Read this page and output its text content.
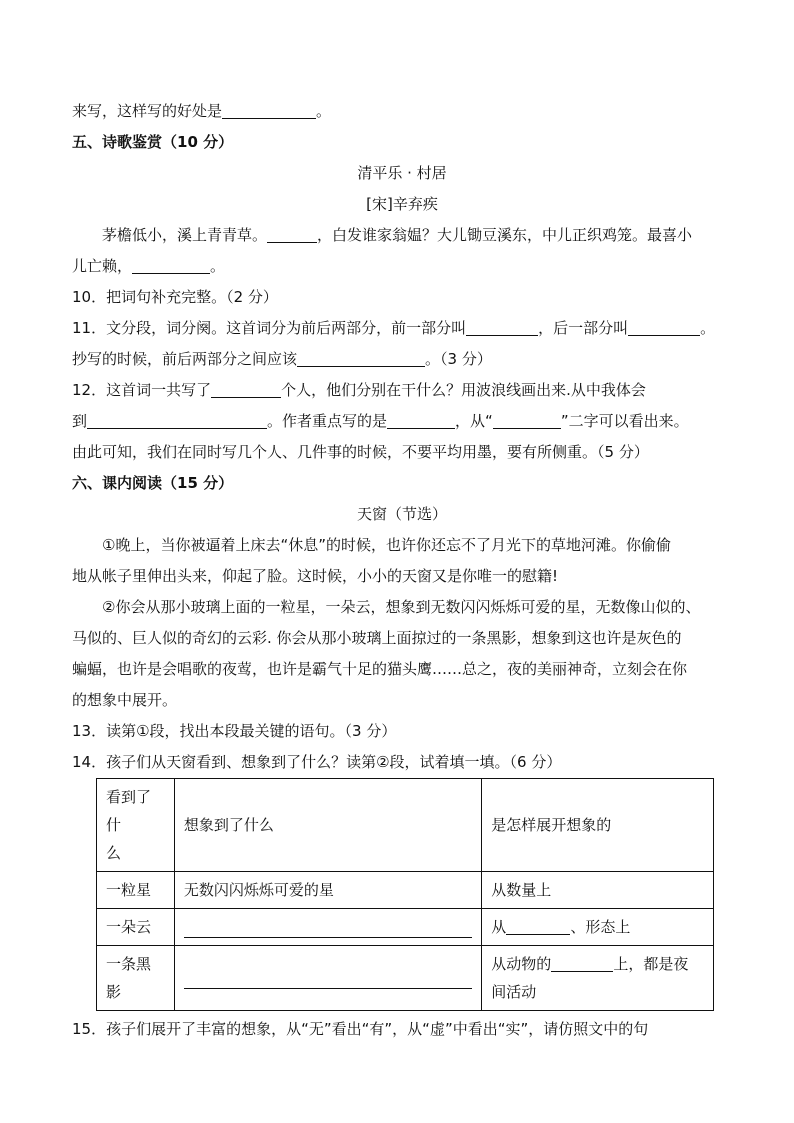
来写，这样写的好处是	。
五、诗歌鉴赏（10 分）
清平乐 · 村居
[宋]辛弃疾
茅檐低小，溪上青青草。	，白发谁家翁媪？大儿锄豆溪东，中儿正织鸡笼。最喜小
儿亡赖，	。
10．把词句补充完整。（2 分）
11．文分段，词分阕。这首词分为前后两部分，前一部分叫	，后一部分叫	。
抄写的时候，前后两部分之间应该	。（3 分）
12．这首词一共写了	个人，他们分别在干什么？用波浪线画出来.从中我体会
到	。作者重点写的是	，从“	”二字可以看出来。
由此可知，我们在同时写几个人、几件事的时候，不要平均用墨，要有所侧重。（5 分）
六、课内阅读（15 分）
天窗（节选）
①晚上，当你被逼着上床去“休息”的时候，也许你还忘不了月光下的草地河滩。你偷偷
地从帐子里伸出头来，仰起了脸。这时候，小小的天窗又是你唯一的慰籍!
②你会从那小玻璃上面的一粒星，一朵云，想象到无数闪闪烁烁可爱的星，无数像山似的、
马似的、巨人似的奇幻的云彩. 你会从那小玻璃上面掠过的一条黑影，想象到这也许是灰色的
蝙蝠，也许是会唱歌的夜莺，也许是霸气十足的猫头鹰……总之，夜的美丽神奇，立刻会在你
的想象中展开。
13．读第①段，找出本段最关键的语句。（3 分）
14．孩子们从天窗看到、想象到了什么？读第②段，试着填一填。（6 分）
看到了什
么	想象到了什么	是怎样展开想象的
一粒星	无数闪闪烁烁可爱的星	从数量上
一朵云		从 、形态上
一条黑影		从动物的 上，都是夜
间活动
15．孩子们展开了丰富的想象，从“无”看出“有”，从“虚”中看出“实”，请仿照文中的句
